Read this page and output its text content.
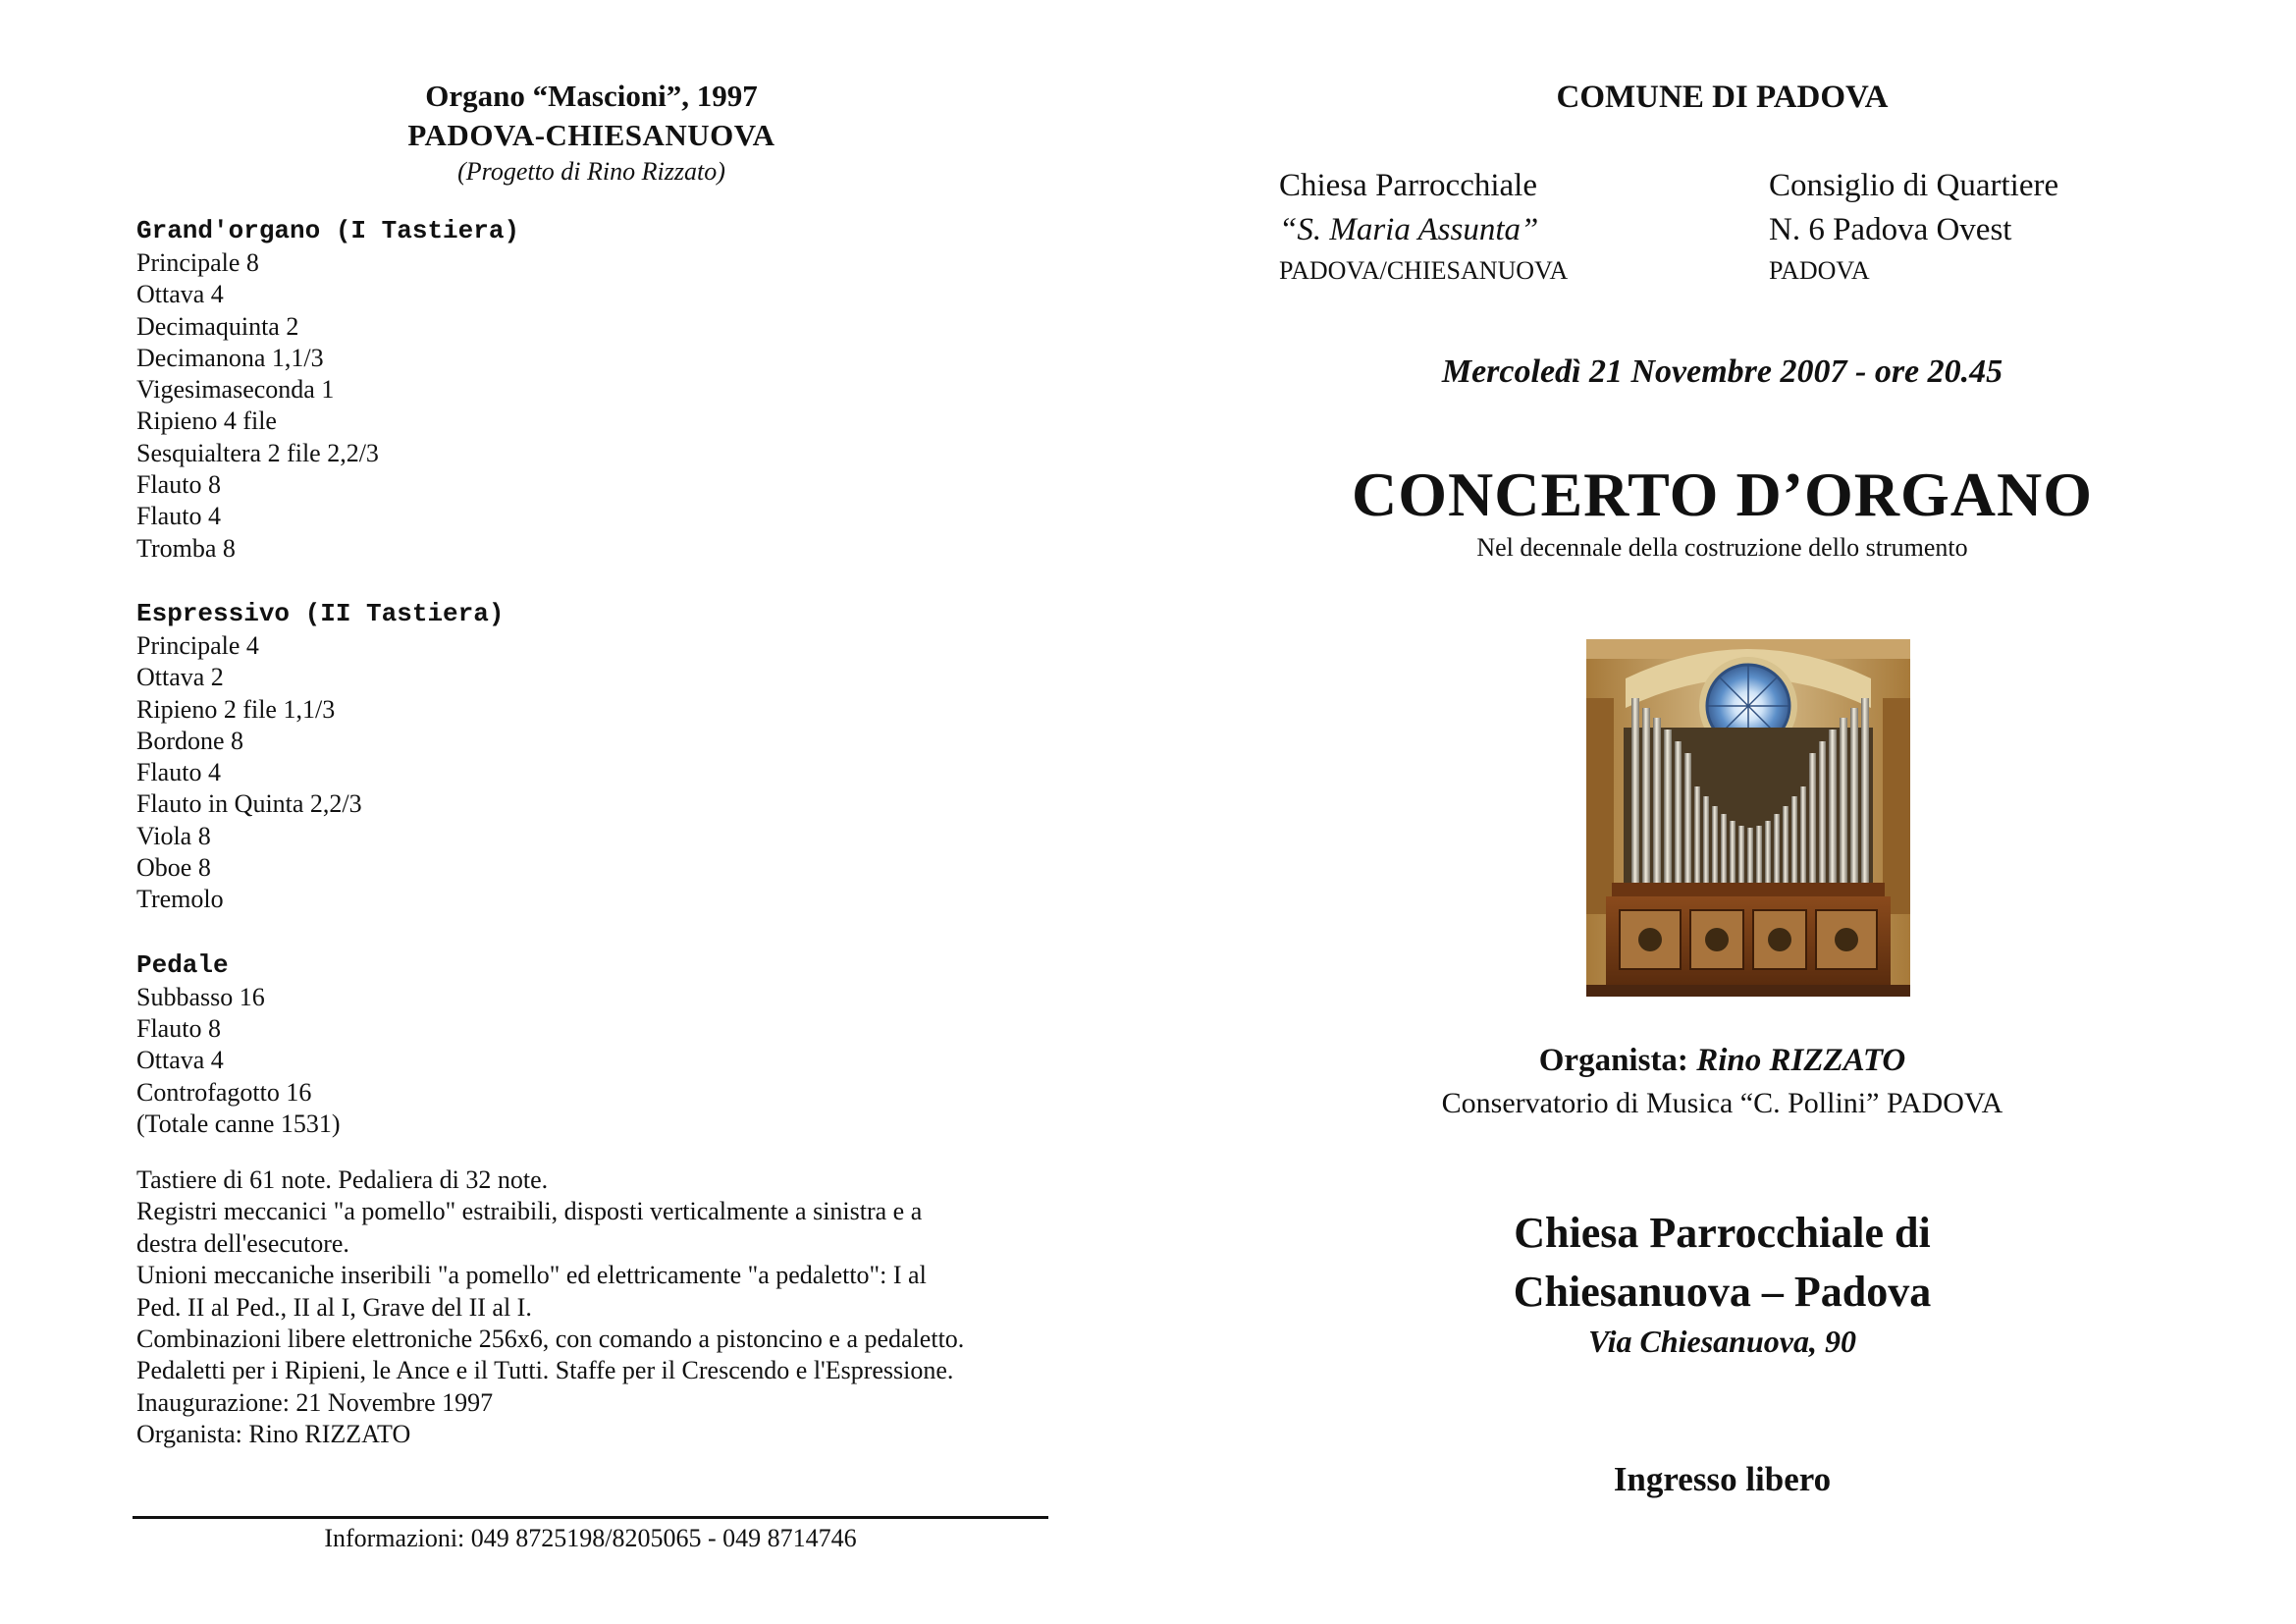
Organo “Mascioni”, 1997
PADOVA-CHIESANUOVA
(Progetto di Rino Rizzato)
Grand'organo (I Tastiera)
Principale 8
Ottava 4
Decimaquinta 2
Decimanona 1,1/3
Vigesimaseconda 1
Ripieno 4 file
Sesquialtera 2 file 2,2/3
Flauto 8
Flauto 4
Tromba 8
Espressivo (II Tastiera)
Principale 4
Ottava 2
Ripieno 2 file 1,1/3
Bordone 8
Flauto 4
Flauto in Quinta 2,2/3
Viola 8
Oboe 8
Tremolo
Pedale
Subbasso 16
Flauto 8
Ottava 4
Controfagotto 16
(Totale canne 1531)
Tastiere di 61 note. Pedaliera di 32 note.
Registri meccanici "a pomello" estraibili, disposti verticalmente a sinistra e a
destra dell'esecutore.
Unioni meccaniche inseribili "a pomello" ed elettricamente "a pedaletto": I al
Ped. II al Ped., II al I, Grave del II al I.
Combinazioni libere elettroniche 256x6, con comando a pistoncino e a pedaletto.
Pedaletti per i Ripieni, le Ance e il Tutti. Staffe per il Crescendo e l'Espressione.
Inaugurazione: 21 Novembre 1997
Organista: Rino RIZZATO
Informazioni: 049 8725198/8205065 - 049 8714746
COMUNE DI PADOVA
Chiesa Parrocchiale
“S. Maria Assunta”
PADOVA/CHIESANUOVA
Consiglio di Quartiere
N. 6 Padova Ovest
PADOVA
Mercoledì 21 Novembre 2007 - ore 20.45
CONCERTO D’ORGANO
Nel decennale della costruzione dello strumento
Organista: Rino RIZZATO
Conservatorio di Musica “C. Pollini” PADOVA
Chiesa Parrocchiale di
Chiesanuova – Padova
Via Chiesanuova, 90
Ingresso libero
